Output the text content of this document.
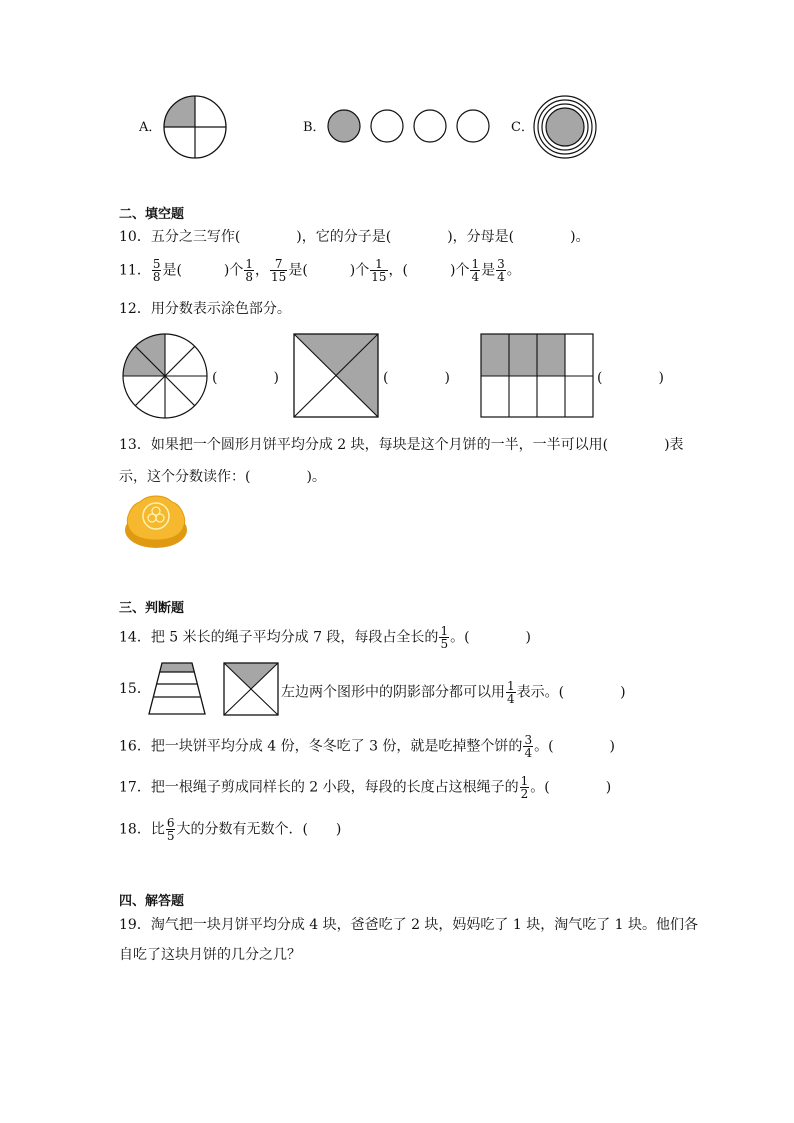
A．	B．	C．
二、填空题
10．五分之三写作(　　　　)，它的分子是(　　　　)，分母是(　　　　)。
11． $\frac{5}{8}$ 是(　　　)个 $\frac{1}{8}$ ， $\frac{7}{15}$ 是(　　　)个 $\frac{1}{15}$ ，(　　　)个 $\frac{1}{4}$ 是 $\frac{3}{4}$ 。
12．用分数表示涂色部分。
(　　　　)	(　　　　)	(　　　　)
13．如果把一个圆形月饼平均分成 2 块，每块是这个月饼的一半，一半可以用(　　　　)表
示，这个分数读作：(　　　　)。
三、判断题
14．把 5 米长的绳子平均分成 7 段，每段占全长的 $\frac{1}{5}$ 。(　　　　)
15．	左边两个图形中的阴影部分都可以用 $\frac{1}{4}$ 表示。(　　　　)
16．把一块饼平均分成 4 份，冬冬吃了 3 份，就是吃掉整个饼的 $\frac{3}{4}$ 。(　　　　)
17．把一根绳子剪成同样长的 2 小段，每段的长度占这根绳子的 $\frac{1}{2}$ 。(　　　　)
18．比 $\frac{6}{5}$ 大的分数有无数个．(　　)
四、解答题
19．淘气把一块月饼平均分成 4 块，爸爸吃了 2 块，妈妈吃了 1 块，淘气吃了 1 块。他们各
自吃了这块月饼的几分之几？
